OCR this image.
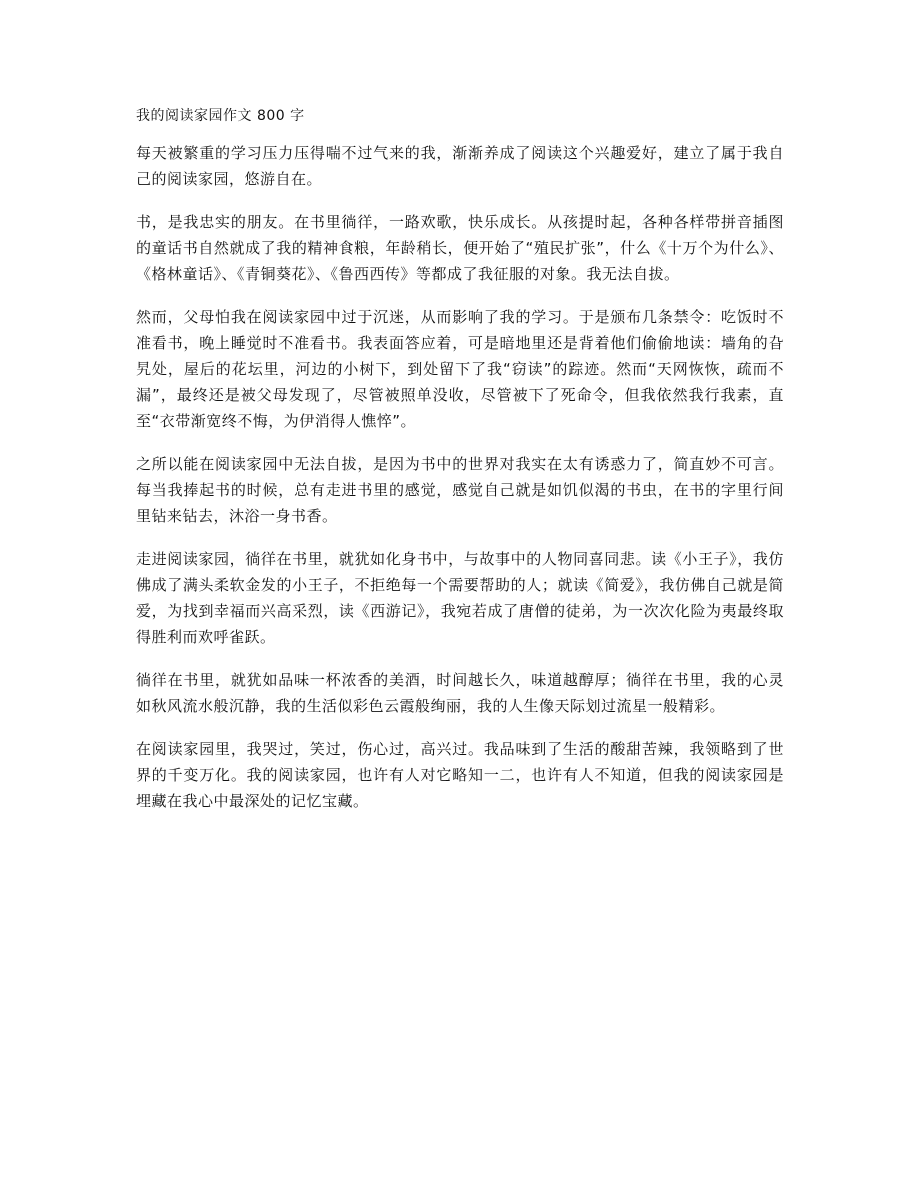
我的阅读家园作文 800 字

每天被繁重的学习压力压得喘不过气来的我，渐渐养成了阅读这个兴趣爱好，建立了属于我自己的阅读家园，悠游自在。

书，是我忠实的朋友。在书里徜徉，一路欢歌，快乐成长。从孩提时起，各种各样带拼音插图的童话书自然就成了我的精神食粮，年龄稍长，便开始了“殖民扩张”，什么《十万个为什么》、《格林童话》、《青铜葵花》、《鲁西西传》等都成了我征服的对象。我无法自拔。

然而，父母怕我在阅读家园中过于沉迷，从而影响了我的学习。于是颁布几条禁令：吃饭时不准看书，晚上睡觉时不准看书。我表面答应着，可是暗地里还是背着他们偷偷地读：墙角的旮旯处，屋后的花坛里，河边的小树下，到处留下了我“窃读”的踪迹。然而“天网恢恢，疏而不漏”，最终还是被父母发现了，尽管被照单没收，尽管被下了死命令，但我依然我行我素，直至“衣带渐宽终不悔，为伊消得人憔悴”。

之所以能在阅读家园中无法自拔，是因为书中的世界对我实在太有诱惑力了，简直妙不可言。每当我捧起书的时候，总有走进书里的感觉，感觉自己就是如饥似渴的书虫，在书的字里行间里钻来钻去，沐浴一身书香。

走进阅读家园，徜徉在书里，就犹如化身书中，与故事中的人物同喜同悲。读《小王子》，我仿佛成了满头柔软金发的小王子，不拒绝每一个需要帮助的人；就读《简爱》，我仿佛自己就是简爱，为找到幸福而兴高采烈，读《西游记》，我宛若成了唐僧的徒弟，为一次次化险为夷最终取得胜利而欢呼雀跃。

徜徉在书里，就犹如品味一杯浓香的美酒，时间越长久，味道越醇厚；徜徉在书里，我的心灵如秋风流水般沉静，我的生活似彩色云霞般绚丽，我的人生像天际划过流星一般精彩。

在阅读家园里，我哭过，笑过，伤心过，高兴过。我品味到了生活的酸甜苦辣，我领略到了世界的千变万化。我的阅读家园，也许有人对它略知一二，也许有人不知道，但我的阅读家园是埋藏在我心中最深处的记忆宝藏。
